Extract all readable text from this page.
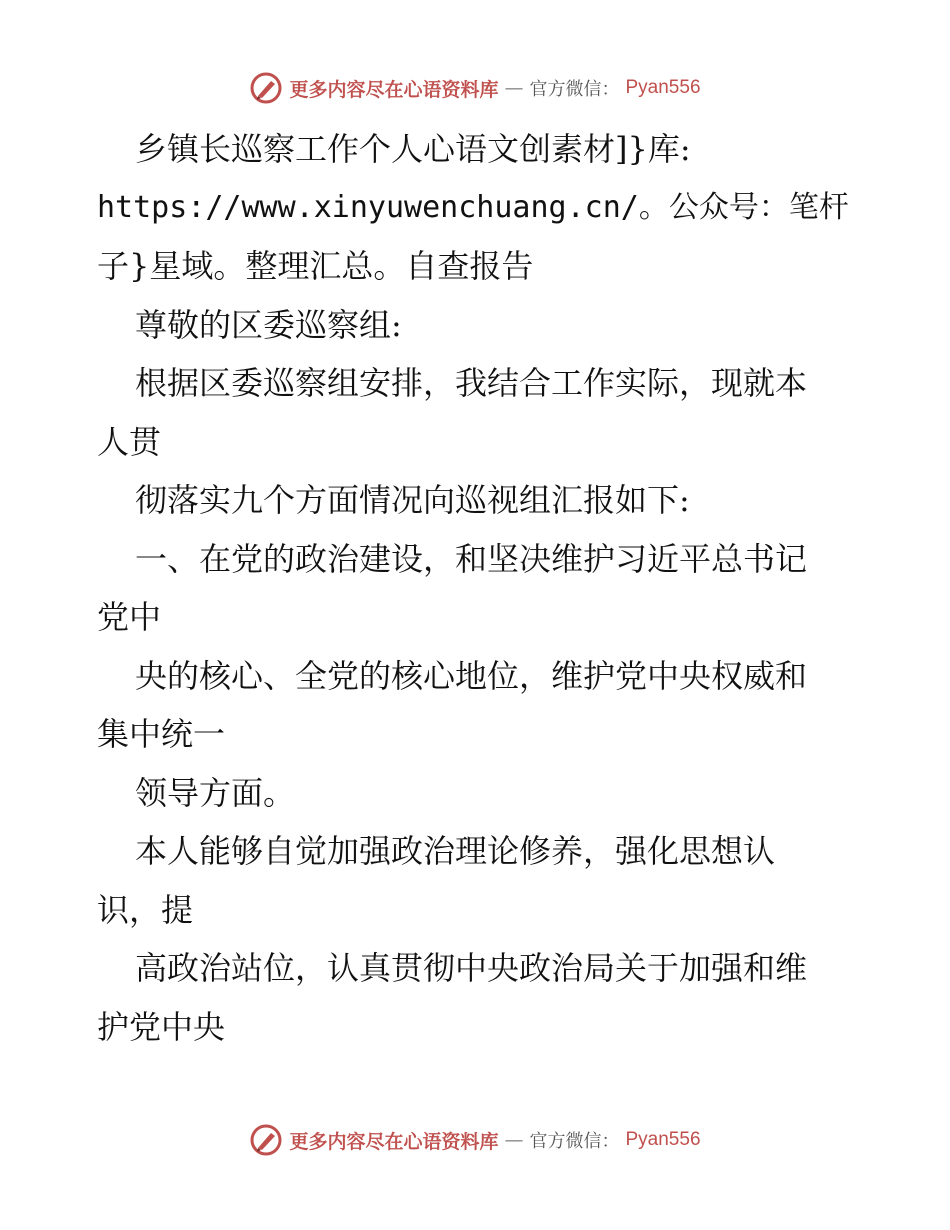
更多内容尽在心语资料库 — 官方微信： Pyan556
乡镇长巡察工作个人心语文创素材]}库:
https://www.xinyuwenchuang.cn/。公众号：笔杆
子}星域。整理汇总。自查报告
尊敬的区委巡察组:
根据区委巡察组安排，我结合工作实际，现就本
人贯
彻落实九个方面情况向巡视组汇报如下:
一、在党的政治建设，和坚决维护习近平总书记
党中
央的核心、全党的核心地位，维护党中央权威和
集中统一
领导方面。
本人能够自觉加强政治理论修养，强化思想认
识，提
高政治站位，认真贯彻中央政治局关于加强和维
护党中央
更多内容尽在心语资料库 — 官方微信： Pyan556
